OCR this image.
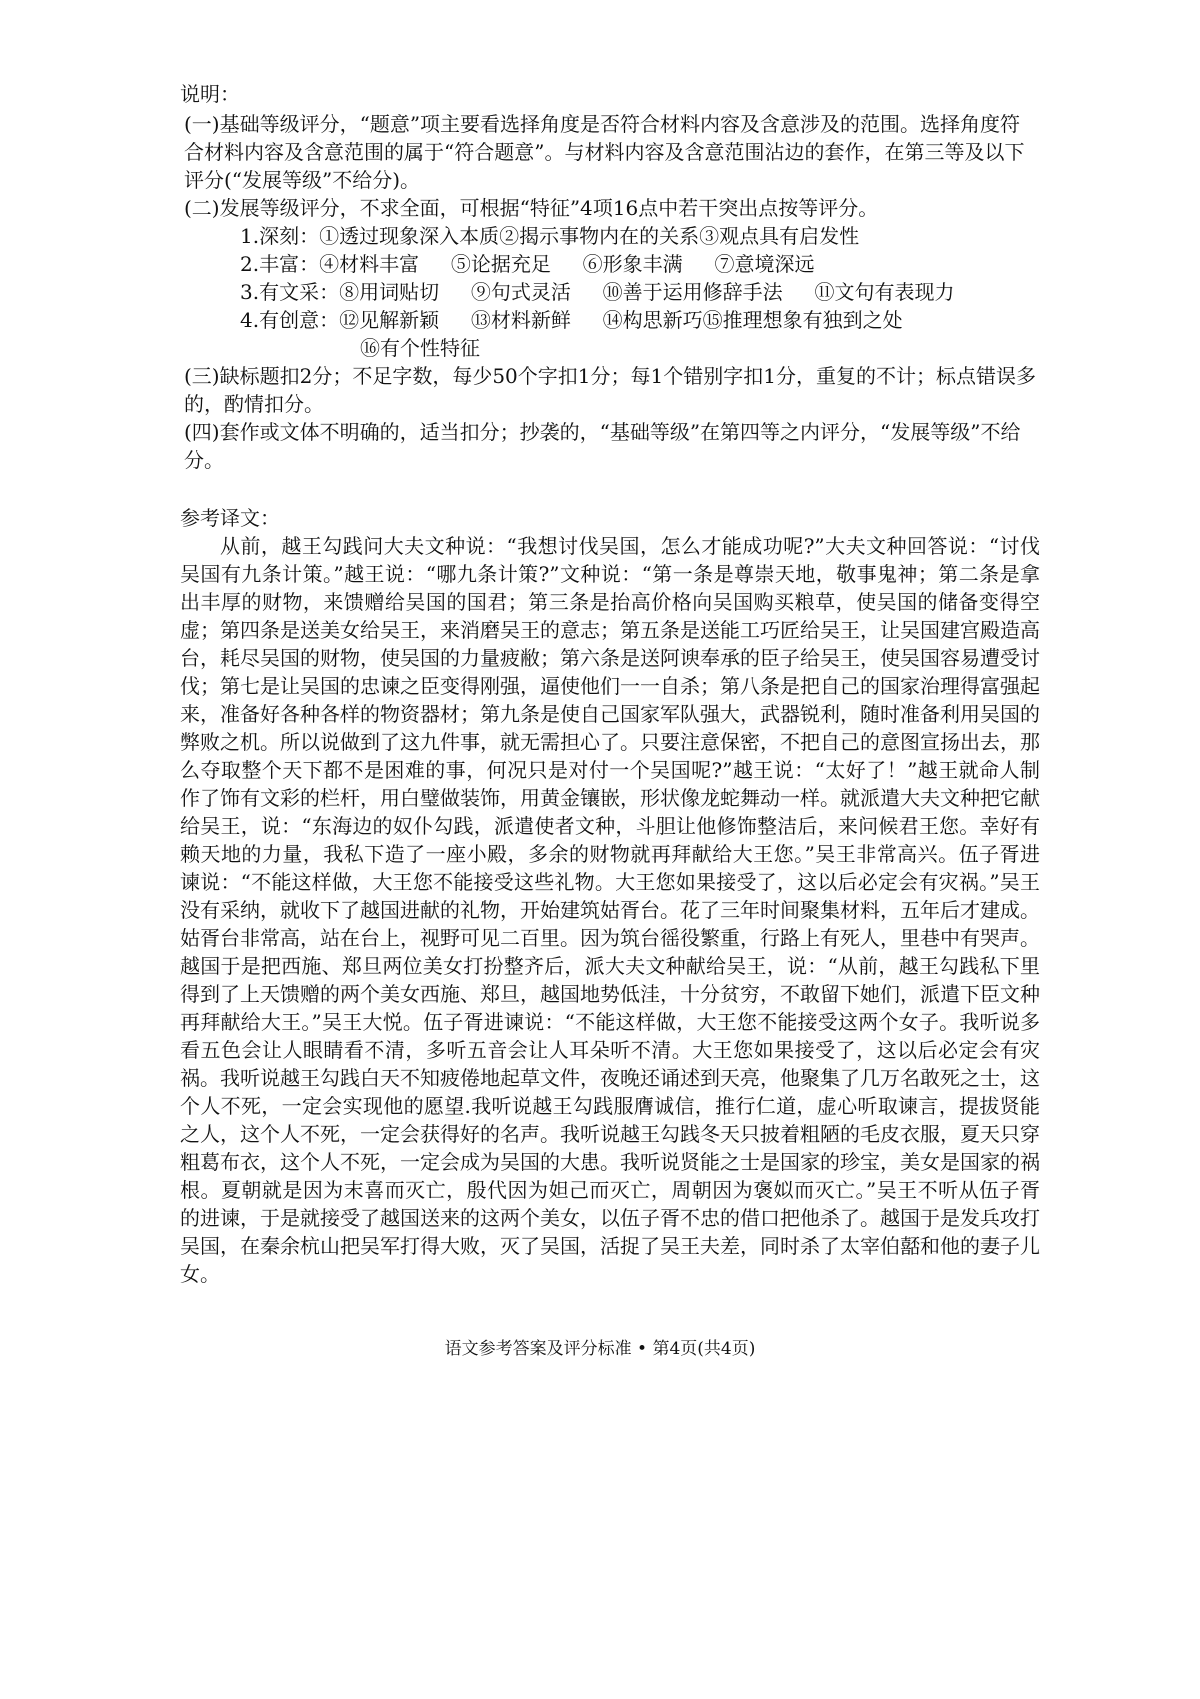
说明：

(一)基础等级评分，“题意”项主要看选择角度是否符合材料内容及含意涉及的范围。选择角度符合材料内容及含意范围的属于“符合题意”。与材料内容及含意范围沾边的套作，在第三等及以下评分(“发展等级”不给分)。

(二)发展等级评分，不求全面，可根据“特征”4项16点中若干突出点按等评分。

1.深刻：①透过现象深入本质②揭示事物内在的关系③观点具有启发性

2.丰富：④材料丰富     ⑤论据充足     ⑥形象丰满     ⑦意境深远

3.有文采：⑧用词贴切     ⑨句式灵活     ⑩善于运用修辞手法     ⑪文句有表现力

4.有创意：⑫见解新颖     ⑬材料新鲜     ⑭构思新巧⑮推理想象有独到之处

⑯有个性特征

(三)缺标题扣2分；不足字数，每少50个字扣1分；每1个错别字扣1分，重复的不计；标点错误多的，酌情扣分。

(四)套作或文体不明确的，适当扣分；抄袭的，“基础等级”在第四等之内评分，“发展等级”不给分。

参考译文：

从前，越王勾践问大夫文种说：“我想讨伐吴国，怎么才能成功呢?”大夫文种回答说：“讨伐吴国有九条计策。”越王说：“哪九条计策?”文种说：“第一条是尊崇天地，敬事鬼神；第二条是拿出丰厚的财物，来馈赠给吴国的国君；第三条是抬高价格向吴国购买粮草，使吴国的储备变得空虚；第四条是送美女给吴王，来消磨吴王的意志；第五条是送能工巧匠给吴王，让吴国建宫殿造高台，耗尽吴国的财物，使吴国的力量疲敝；第六条是送阿谀奉承的臣子给吴王，使吴国容易遭受讨伐；第七是让吴国的忠谏之臣变得刚强，逼使他们一一自杀；第八条是把自己的国家治理得富强起来，准备好各种各样的物资器材；第九条是使自己国家军队强大，武器锐利，随时准备利用吴国的弊败之机。所以说做到了这九件事，就无需担心了。只要注意保密，不把自己的意图宣扬出去，那么夺取整个天下都不是困难的事，何况只是对付一个吴国呢?”越王说：“太好了！”越王就命人制作了饰有文彩的栏杆，用白璧做装饰，用黄金镶嵌，形状像龙蛇舞动一样。就派遣大夫文种把它献给吴王，说：“东海边的奴仆勾践，派遣使者文种，斗胆让他修饰整洁后，来问候君王您。幸好有赖天地的力量，我私下造了一座小殿，多余的财物就再拜献给大王您。”吴王非常高兴。伍子胥进谏说：“不能这样做，大王您不能接受这些礼物。大王您如果接受了，这以后必定会有灾祸。”吴王没有采纳，就收下了越国进献的礼物，开始建筑姑胥台。花了三年时间聚集材料，五年后才建成。姑胥台非常高，站在台上，视野可见二百里。因为筑台徭役繁重，行路上有死人，里巷中有哭声。越国于是把西施、郑旦两位美女打扮整齐后，派大夫文种献给吴王，说：“从前，越王勾践私下里得到了上天馈赠的两个美女西施、郑旦，越国地势低洼，十分贫穷，不敢留下她们，派遣下臣文种再拜献给大王。”吴王大悦。伍子胥进谏说：“不能这样做，大王您不能接受这两个女子。我听说多看五色会让人眼睛看不清，多听五音会让人耳朵听不清。大王您如果接受了，这以后必定会有灾祸。我听说越王勾践白天不知疲倦地起草文件，夜晚还诵述到天亮，他聚集了几万名敢死之士，这个人不死，一定会实现他的愿望.我听说越王勾践服膺诚信，推行仁道，虚心听取谏言，提拔贤能之人，这个人不死，一定会获得好的名声。我听说越王勾践冬天只披着粗陋的毛皮衣服，夏天只穿粗葛布衣，这个人不死，一定会成为吴国的大患。我听说贤能之士是国家的珍宝，美女是国家的祸根。夏朝就是因为末喜而灭亡，殷代因为妲己而灭亡，周朝因为褒姒而灭亡。”吴王不听从伍子胥的进谏，于是就接受了越国送来的这两个美女，以伍子胥不忠的借口把他杀了。越国于是发兵攻打吴国，在秦余杭山把吴军打得大败，灭了吴国，活捉了吴王夫差，同时杀了太宰伯嚭和他的妻子儿女。

语文参考答案及评分标准 • 第4页(共4页)
